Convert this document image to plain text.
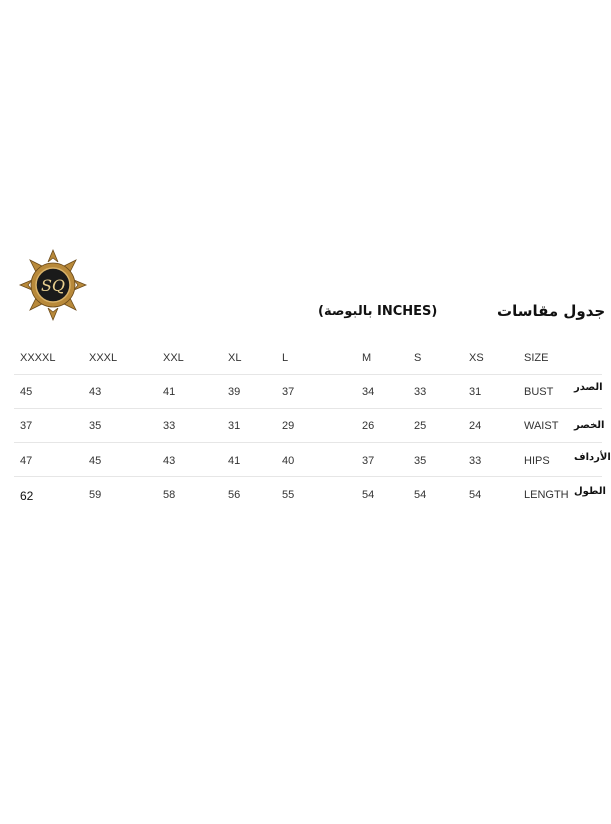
SQ
جدول مقاسات
(بالبوصة INCHES)
XXXXL	XXXL	XXL	XL	L	M	S	XS	SIZE
45	43	41	39	37	34	33	31	BUST الصدر
37	35	33	31	29	26	25	24	WAIST الخصر
47	45	43	41	40	37	35	33	HIPS الأرداف
62	59	58	56	55	54	54	54	LENGTH الطول
